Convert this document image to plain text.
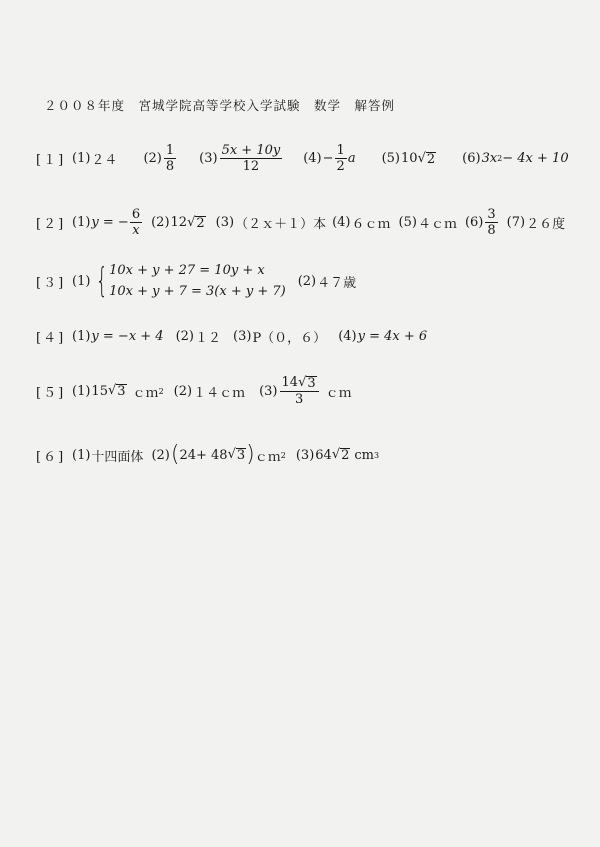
２００８年度　宮城学院高等学校入学試験　数学　解答例
[１] (1) ２４ $(2) \frac{1}{8} (3) \frac{5x + 10y}{12} (4) - \frac{1}{2}$ a (5) 10 √ 2 (6) 3x 2 − 4x + 10
[２] (1) y = − $\frac{6}{x} (2)$ 12 √ 2 (3) （２ｘ＋１）本 (4) ６ｃｍ (5) ４ｃｍ $(6) \frac{3}{8} (7)$ ２６度
[３] (1) { 10x + y + 27 = 10y + x
10x + y + 7 = 3(x + y + 7)
(2) ４７歳
[４] (1) y = −x + 4 (2) １２ (3) P（０，６） (4) y = 4x + 6
[５] (1) 15 √ 3 ｃｍ 2 (2) １４ｃｍ $(3) \frac{14 √ 3}{3}$ ｃｍ
[６] (1) 十四面体 (2) ( 24 + 48 √ 3 ) ｃｍ 2 (3) 64 √ 2 cm 3
